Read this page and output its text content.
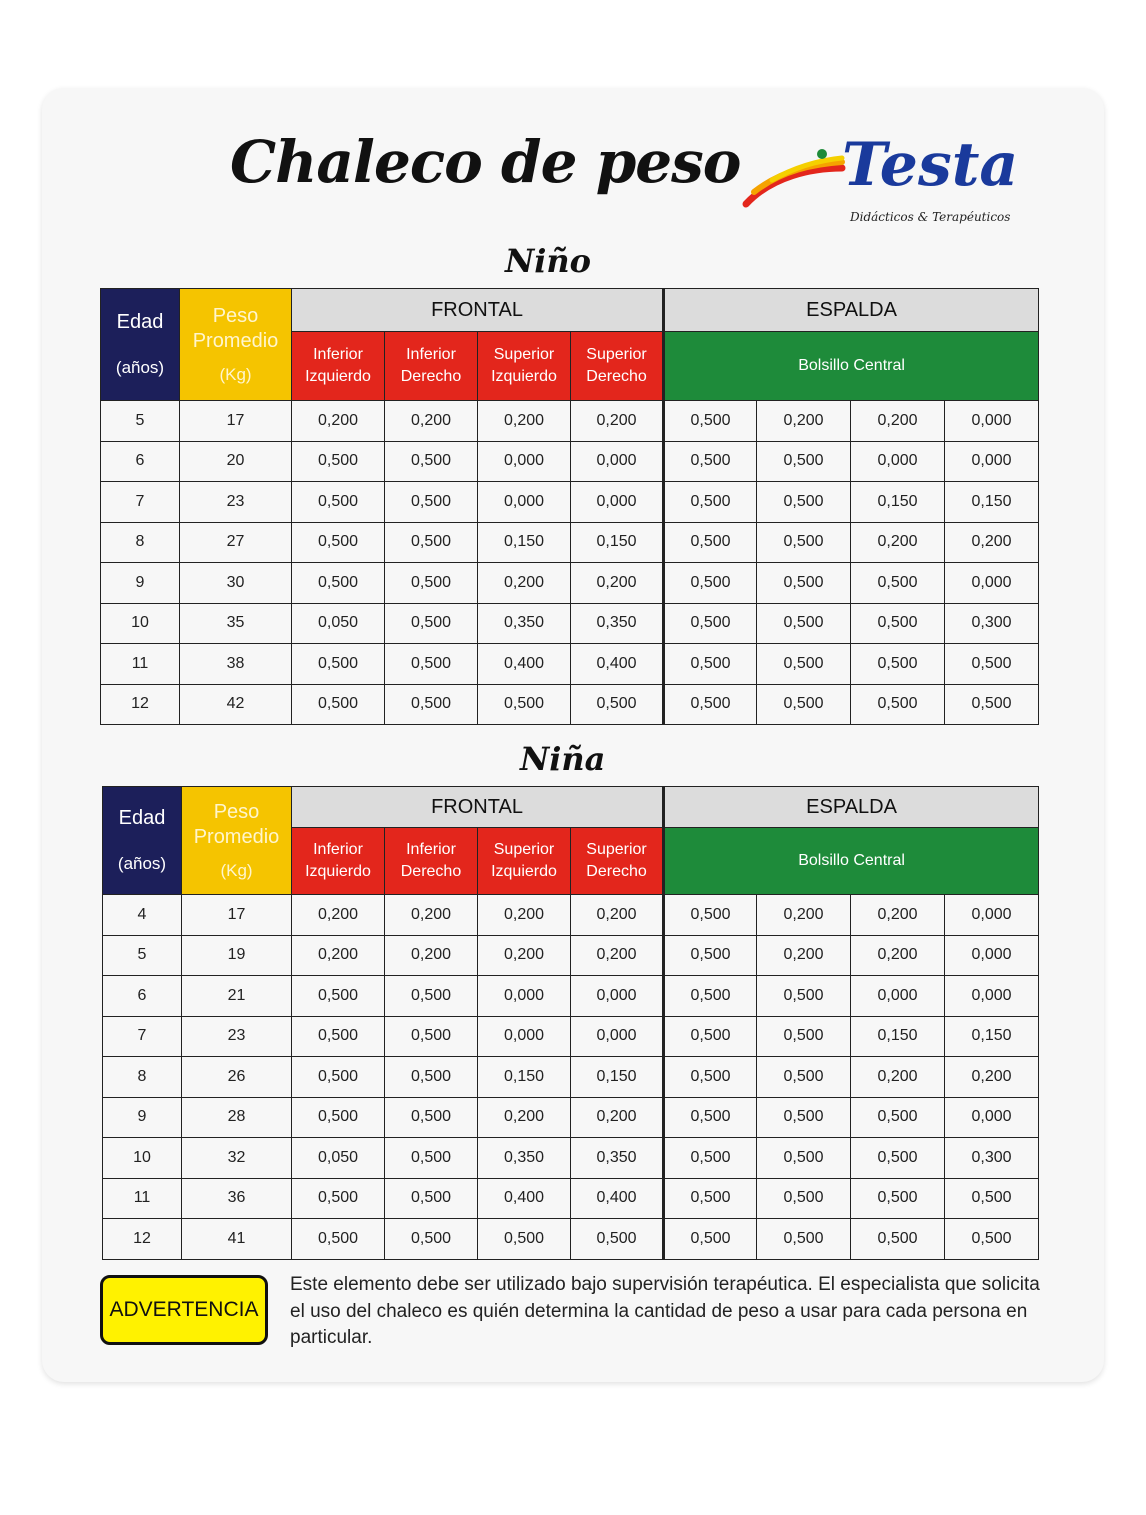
Chaleco de peso Testa
Didácticos & Terapéuticos
Niño
Edad
(años)	Peso Promedio
(Kg)	FRONTAL				ESPALDA			
		Inferior Izquierdo	Inferior Derecho	Superior Izquierdo	Superior Derecho	Bolsillo Central			
5	17	0,200	0,200	0,200	0,200	0,500	0,200	0,200	0,000
6	20	0,500	0,500	0,000	0,000	0,500	0,500	0,000	0,000
7	23	0,500	0,500	0,000	0,000	0,500	0,500	0,150	0,150
8	27	0,500	0,500	0,150	0,150	0,500	0,500	0,200	0,200
9	30	0,500	0,500	0,200	0,200	0,500	0,500	0,500	0,000
10	35	0,050	0,500	0,350	0,350	0,500	0,500	0,500	0,300
11	38	0,500	0,500	0,400	0,400	0,500	0,500	0,500	0,500
12	42	0,500	0,500	0,500	0,500	0,500	0,500	0,500	0,500
Niña
Edad
(años)	Peso Promedio
(Kg)	FRONTAL				ESPALDA			
		Inferior Izquierdo	Inferior Derecho	Superior Izquierdo	Superior Derecho	Bolsillo Central			
4	17	0,200	0,200	0,200	0,200	0,500	0,200	0,200	0,000
5	19	0,200	0,200	0,200	0,200	0,500	0,200	0,200	0,000
6	21	0,500	0,500	0,000	0,000	0,500	0,500	0,000	0,000
7	23	0,500	0,500	0,000	0,000	0,500	0,500	0,150	0,150
8	26	0,500	0,500	0,150	0,150	0,500	0,500	0,200	0,200
9	28	0,500	0,500	0,200	0,200	0,500	0,500	0,500	0,000
10	32	0,050	0,500	0,350	0,350	0,500	0,500	0,500	0,300
11	36	0,500	0,500	0,400	0,400	0,500	0,500	0,500	0,500
12	41	0,500	0,500	0,500	0,500	0,500	0,500	0,500	0,500
ADVERTENCIA
Este elemento debe ser utilizado bajo supervisión terapéutica. El especialista que solicita el uso del chaleco es quién determina la cantidad de peso a usar para cada persona en particular.
